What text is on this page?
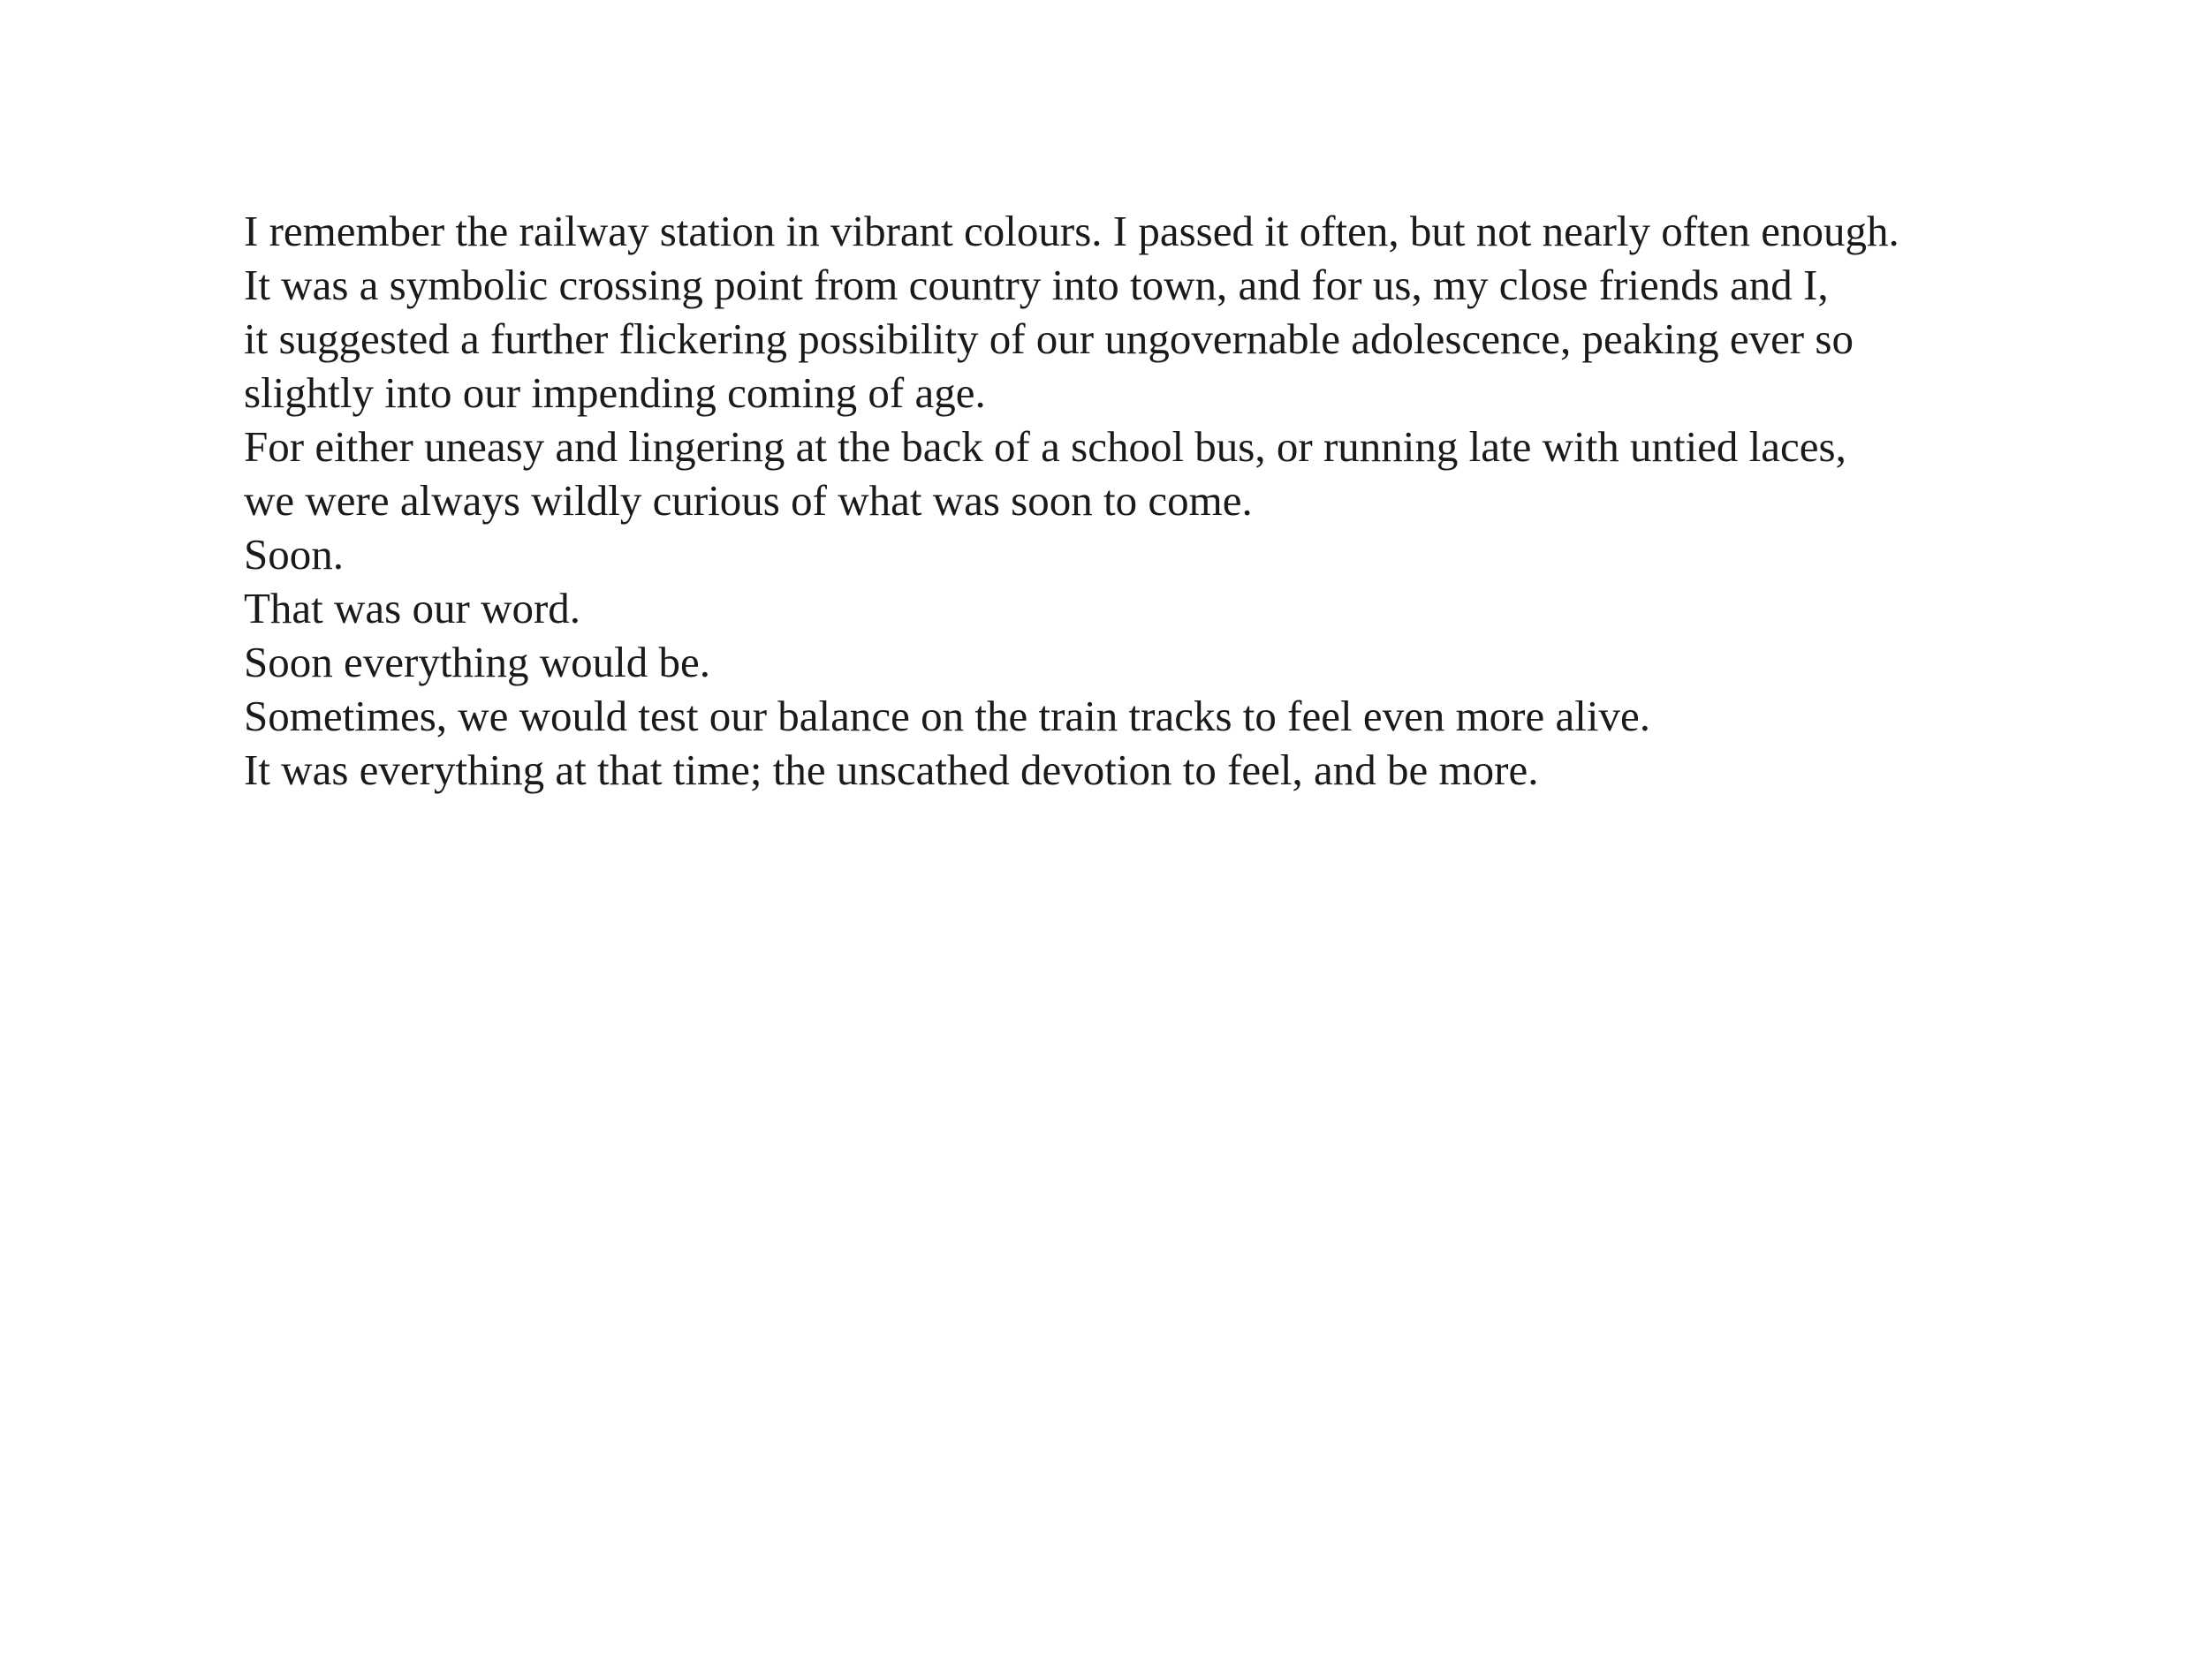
I remember the railway station in vibrant colours. I passed it often, but not nearly often enough.
It was a symbolic crossing point from country into town, and for us, my close friends and I,
it suggested a further flickering possibility of our ungovernable adolescence, peaking ever so
slightly into our impending coming of age.
For either uneasy and lingering at the back of a school bus, or running late with untied laces,
we were always wildly curious of what was soon to come.
Soon.
That was our word.
Soon everything would be.
Sometimes, we would test our balance on the train tracks to feel even more alive.
It was everything at that time; the unscathed devotion to feel, and be more.
